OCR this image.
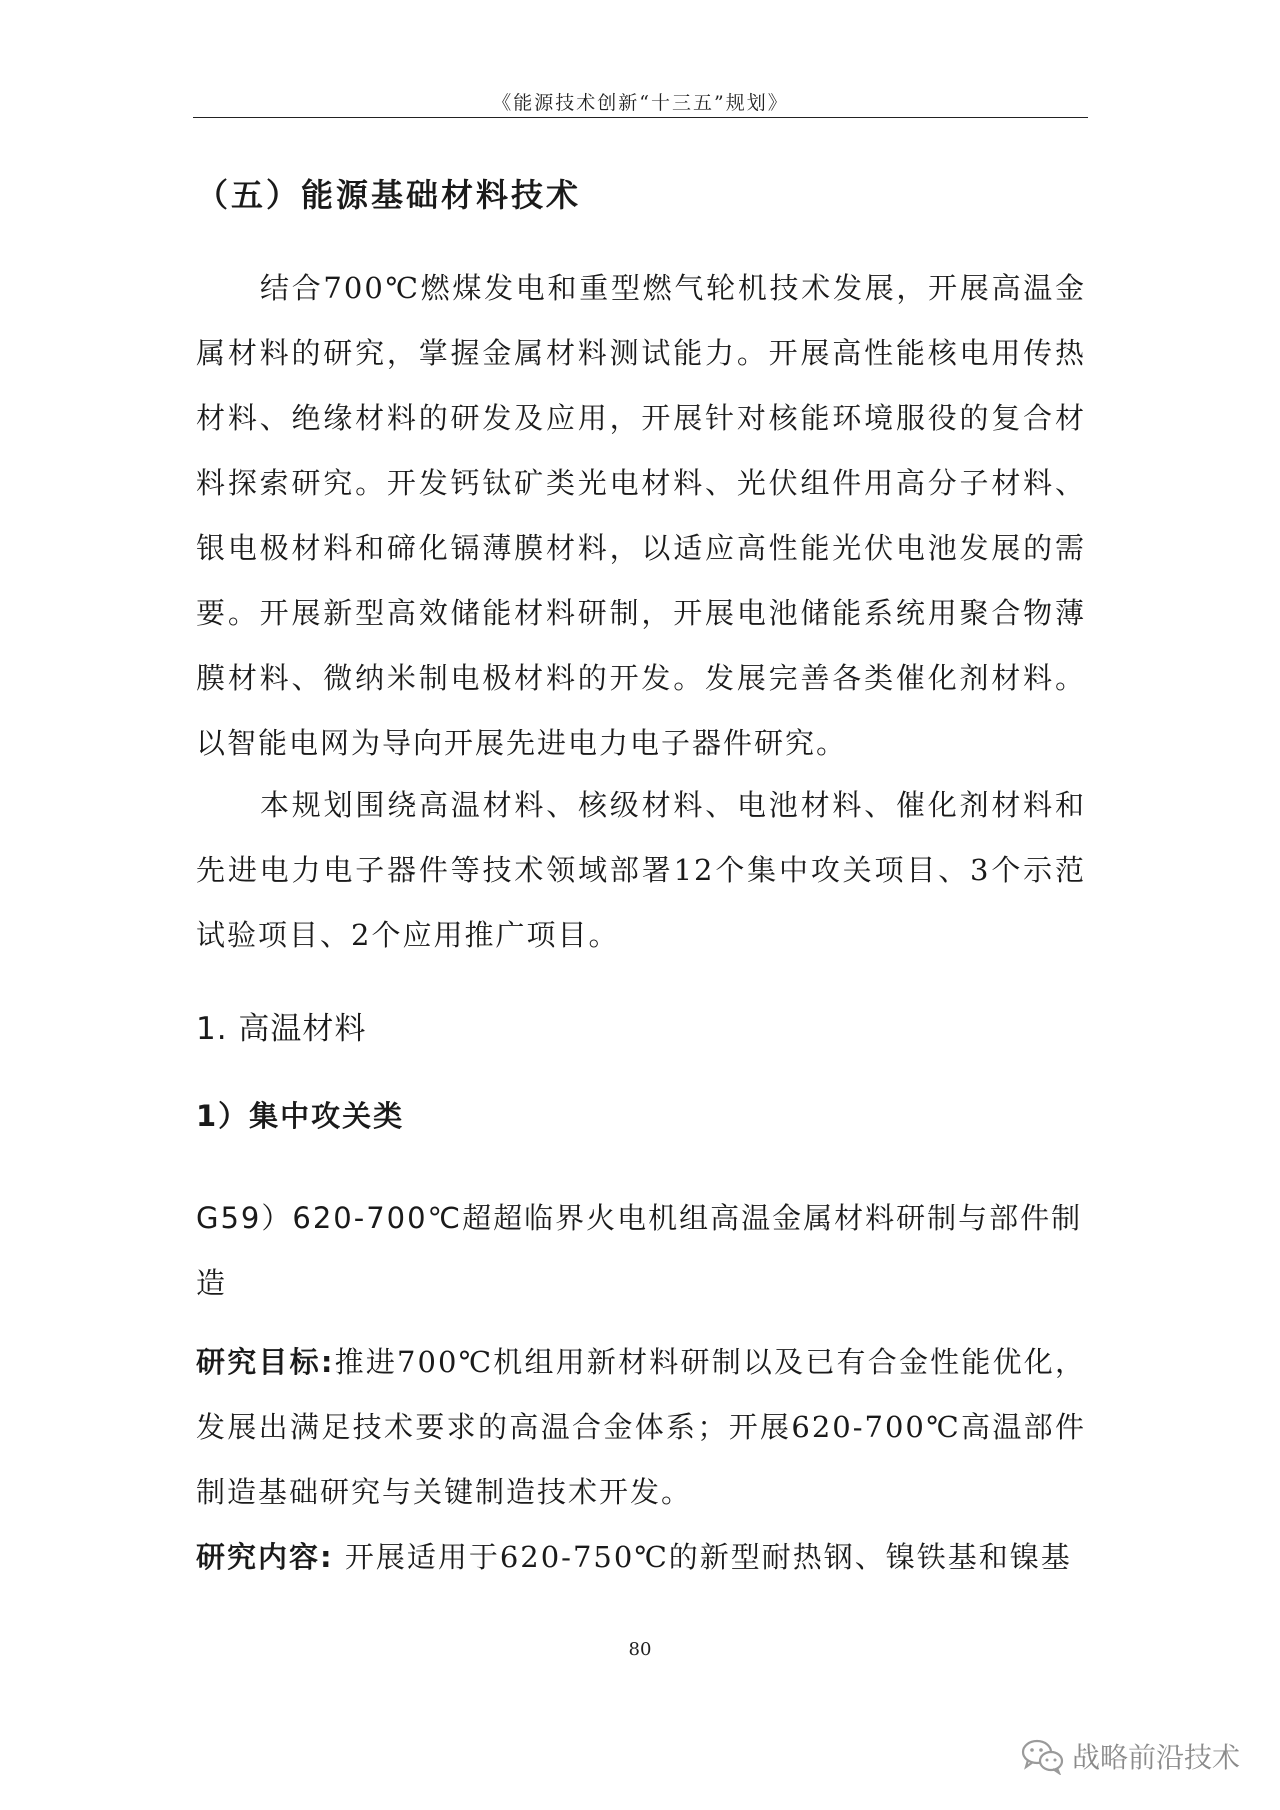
《能源技术创新“十三五”规划》
（五）能源基础材料技术
结合700℃燃煤发电和重型燃气轮机技术发展，开展高温金属材料的研究，掌握金属材料测试能力。开展高性能核电用传热材料、绝缘材料的研发及应用，开展针对核能环境服役的复合材料探索研究。开发钙钛矿类光电材料、光伏组件用高分子材料、银电极材料和碲化镉薄膜材料，以适应高性能光伏电池发展的需要。开展新型高效储能材料研制，开展电池储能系统用聚合物薄膜材料、微纳米制电极材料的开发。发展完善各类催化剂材料。以智能电网为导向开展先进电力电子器件研究。
本规划围绕高温材料、核级材料、电池材料、催化剂材料和先进电力电子器件等技术领域部署12个集中攻关项目、3个示范试验项目、2个应用推广项目。
1. 高温材料
1）集中攻关类
G59）620-700℃超超临界火电机组高温金属材料研制与部件制造
研究目标:推进700℃机组用新材料研制以及已有合金性能优化，发展出满足技术要求的高温合金体系；开展620-700℃高温部件制造基础研究与关键制造技术开发。
研究内容: 开展适用于620-750℃的新型耐热钢、镍铁基和镍基
80
战略前沿技术
